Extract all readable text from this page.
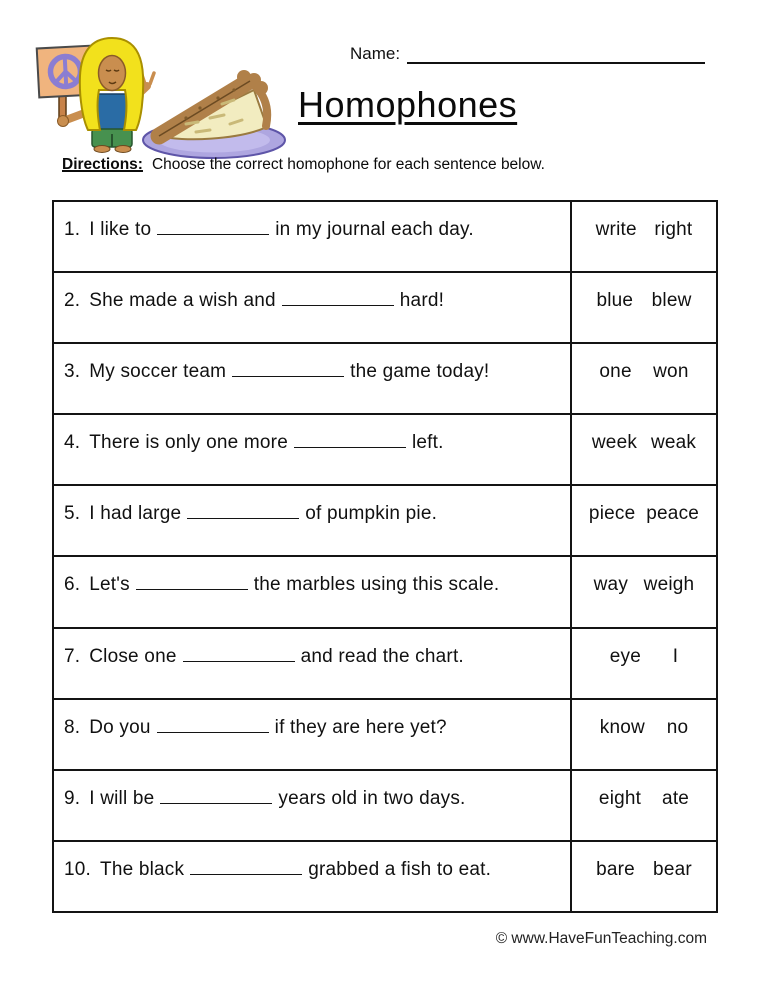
Name:
Homophones
Directions: Choose the correct homophone for each sentence below.
1. I like to	in my journal each day.	write right
2. She made a wish and	hard!	blue blew
3. My soccer team	the game today!	one won
4. There is only one more	left.	week weak
5. I had large	of pumpkin pie.	piece peace
6. Let's	the marbles using this scale.	way weigh
7. Close one	and read the chart.	eye I
8. Do you	if they are here yet?	know no
9. I will be	years old in two days.	eight ate
10. The black	grabbed a fish to eat.	bare bear
© www.HaveFunTeaching.com
